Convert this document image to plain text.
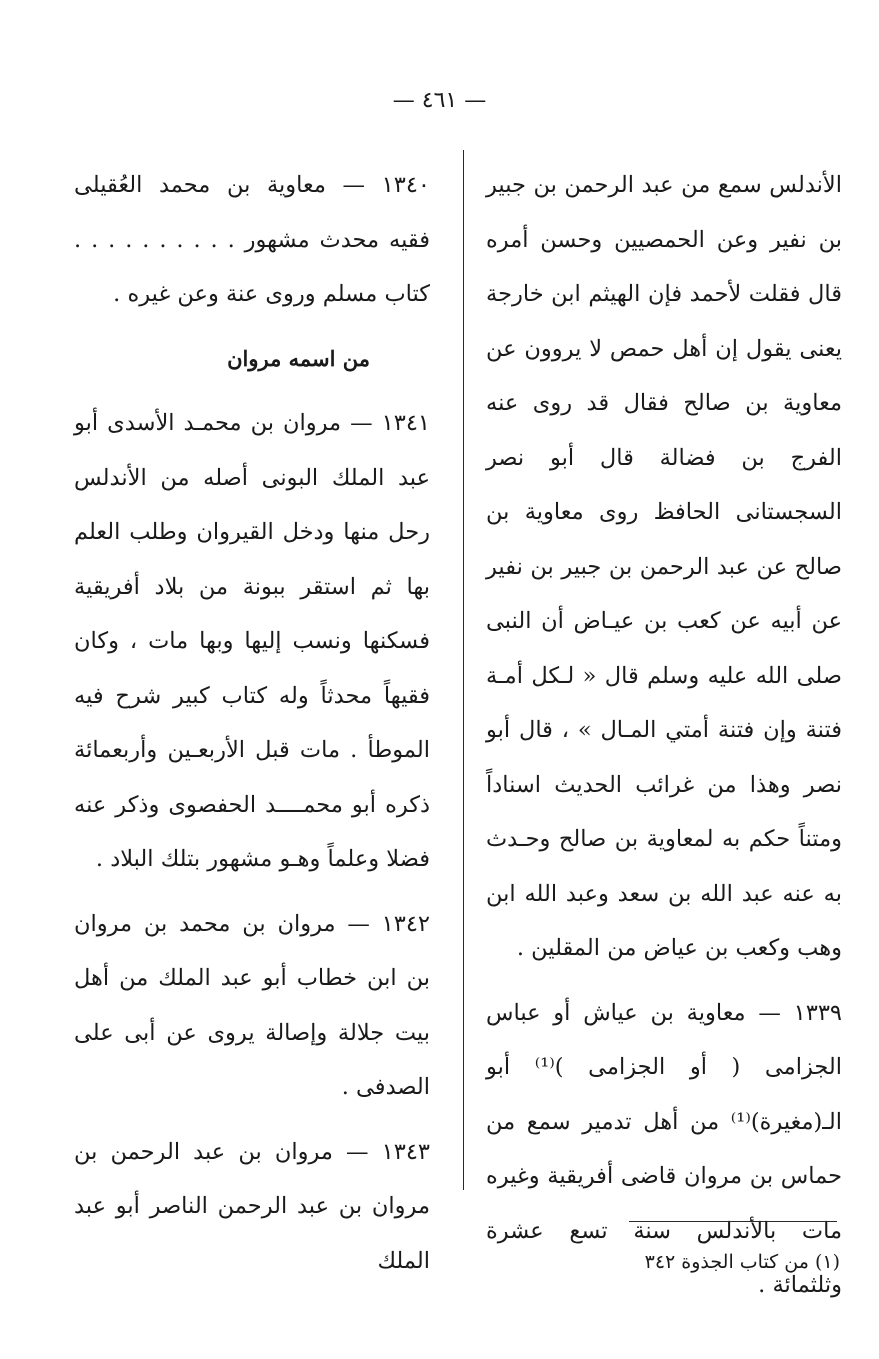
— ٤٦١ —

الأندلس سمع من عبد الرحمن بن جبير بن نفير وعن الحمصيين وحسن أمره قال فقلت لأحمد فإن الهيثم ابن خارجة يعنى يقول إن أهل حمص لا يروون عن معاوية بن صالح فقال قد روى عنه الفرج بن فضالة قال أبو نصر السجستانى الحافظ روى معاوية بن صالح عن عبد الرحمن بن جبير بن نفير عن أبيه عن كعب بن عيـاض أن النبى صلى الله عليه وسلم قال « لـكل أمـة فتنة وإن فتنة أمتي المـال » ، قال أبو نصر وهذا من غرائب الحديث اسناداً ومتناً حكم به لمعاوية بن صالح وحـدث به عنه عبد الله بن سعد وعبد الله ابن وهب وكعب بن عياض من المقلين .

١٣٣٩ — معاوية بن عياش أو عباس الجزامى ( أو الجزامى )⁽¹⁾ أبو الـ(مغيرة)⁽¹⁾ من أهل تدمير سمع من حماس بن مروان قاضى أفريقية وغيره مات بالأندلس سنة تسع عشرة وثلثمائة .

١٣٤٠ — معاوية بن محمد العُقيلى فقيه محدث مشهور . . . . . . . . . . كتاب مسلم وروى عنة وعن غيره .

من اسمه مروان

١٣٤١ — مروان بن محمـد الأسدى أبو عبد الملك البونى أصله من الأندلس رحل منها ودخل القيروان وطلب العلم بها ثم استقر ببونة من بلاد أفريقية فسكنها ونسب إليها وبها مات ، وكان فقيهاً محدثاً وله كتاب كبير شرح فيه الموطأ . مات قبل الأربعـين وأربعمائة ذكره أبو محمــــد الحفصوى وذكر عنه فضلا وعلماً وهـو مشهور بتلك البلاد .

١٣٤٢ — مروان بن محمد بن مروان بن ابن خطاب أبو عبد الملك من أهل بيت جلالة وإصالة يروى عن أبى على الصدفى .

١٣٤٣ — مروان بن عبد الرحمن بن مروان بن عبد الرحمن الناصر أبو عبد الملك	(١) من كتاب الجذوة ٣٤٢
